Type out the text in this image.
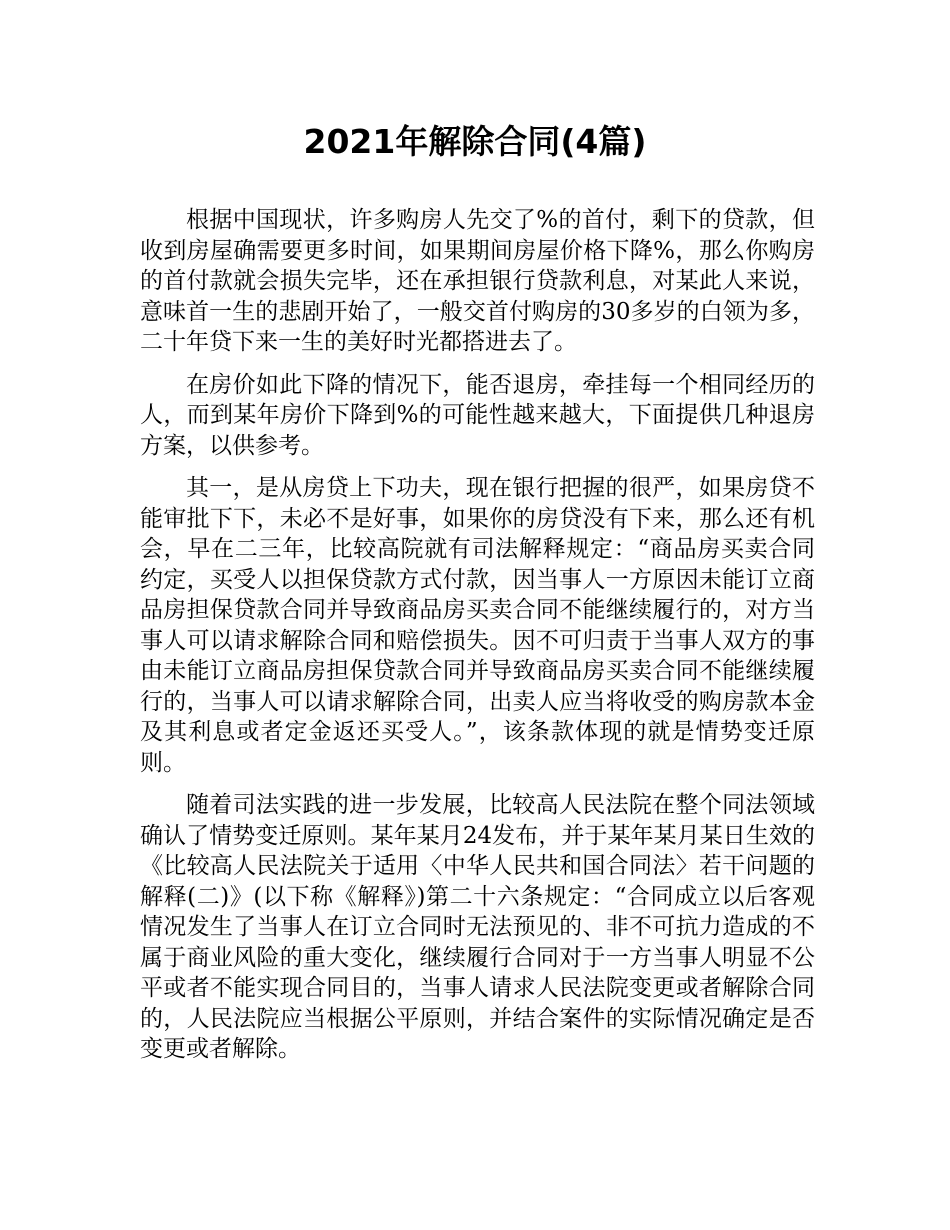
2021年解除合同(4篇)

根据中国现状，许多购房人先交了%的首付，剩下的贷款，但收到房屋确需要更多时间，如果期间房屋价格下降%，那么你购房的首付款就会损失完毕，还在承担银行贷款利息，对某此人来说，意味首一生的悲剧开始了，一般交首付购房的30多岁的白领为多，二十年贷下来一生的美好时光都搭进去了。

在房价如此下降的情况下，能否退房，牵挂每一个相同经历的人，而到某年房价下降到%的可能性越来越大，下面提供几种退房方案，以供参考。

其一，是从房贷上下功夫，现在银行把握的很严，如果房贷不能审批下下，未必不是好事，如果你的房贷没有下来，那么还有机会，早在二三年，比较高院就有司法解释规定：“商品房买卖合同约定，买受人以担保贷款方式付款，因当事人一方原因未能订立商品房担保贷款合同并导致商品房买卖合同不能继续履行的，对方当事人可以请求解除合同和赔偿损失。因不可归责于当事人双方的事由未能订立商品房担保贷款合同并导致商品房买卖合同不能继续履行的，当事人可以请求解除合同，出卖人应当将收受的购房款本金及其利息或者定金返还买受人。”，该条款体现的就是情势变迁原则。

随着司法实践的进一步发展，比较高人民法院在整个同法领域确认了情势变迁原则。某年某月24发布，并于某年某月某日生效的《比较高人民法院关于适用〈中华人民共和国合同法〉若干问题的解释(二)》(以下称《解释》)第二十六条规定：“合同成立以后客观情况发生了当事人在订立合同时无法预见的、非不可抗力造成的不属于商业风险的重大变化，继续履行合同对于一方当事人明显不公平或者不能实现合同目的，当事人请求人民法院变更或者解除合同的，人民法院应当根据公平原则，并结合案件的实际情况确定是否变更或者解除。
